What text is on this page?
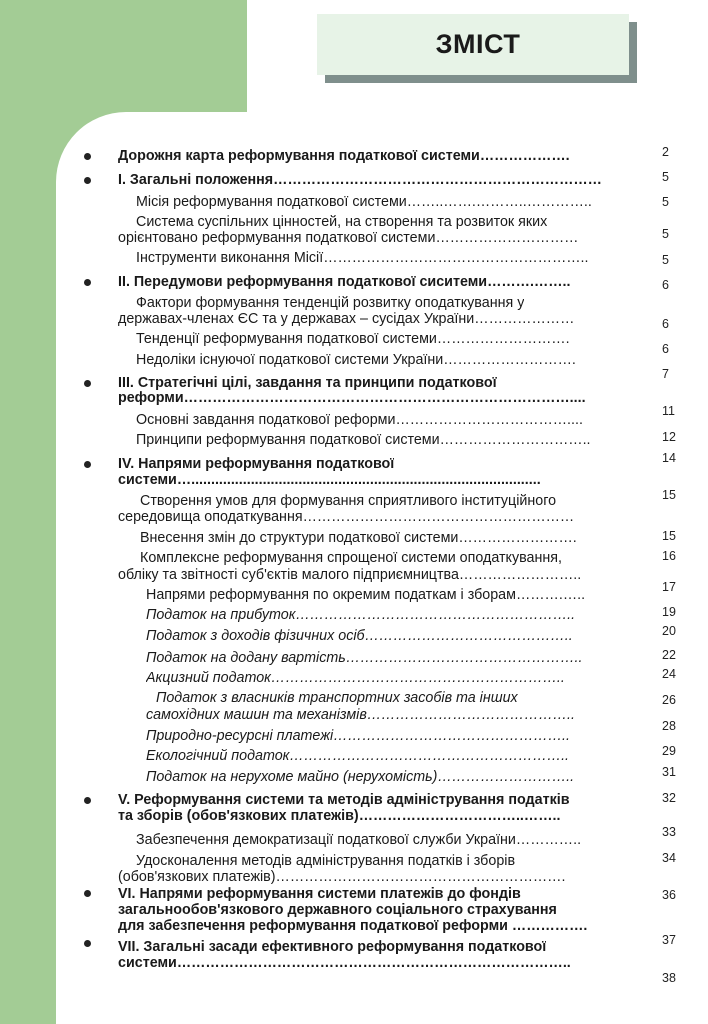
ЗМІСТ
Дорожня карта реформування податкової системи……………….
I. Загальні положення……………………………………………………………
Місія реформування податкової системи……..…….………..…………..
Система суспільних цінностей, на створення та розвиток яких
орієнтовано реформування податкової системи…………………………
Інструменти виконання Місії………………………………………………..
II. Передумови реформування податкової сиситеми……….……..
Фактори формування тенденцій розвитку оподаткування у
державах-членах ЄС та у державах – сусідах України…………………
Тенденції реформування податкової системи……………………….
Недоліки існуючої податкової системи України……………………….
III. Стратегічні цілі, завдання та принципи податкової
реформи………………………………………………………………………....
Основні завдання податкової реформи………………………………....
Принципи реформування податкової системи…………………………..
IV. Напрями реформування податкової
системи…........................................................................................
Створення умов для формування сприятливого інституційного
середовища оподаткування…………………………………………………
Внесення змін до структури податкової системи…………………….
Комплексне реформування спрощеної системи оподаткування,
обліку та звітності суб'єктів малого підприємництва……………………..
Напрями реформування по окремим податкам і зборам……….…..
Податок на прибуток…………………………………………………..
Податок з доходів фізичних осіб……………………………………..
Податок на додану вартість…………………………………………..
Акцизний податок……………………………………………………..
Податок з власників транспортних засобів та інших
самохідних машин та механізмів……………………………………..
Природно-ресурсні платежі…………………………………………..
Екологічний податок…………………………………………………..
Податок на нерухоме майно (нерухомість)………………………..
V. Реформування системи та методів адміністрування податків
та зборів (обов'язкових платежів)……………………………..……..
Забезпечення демократизації податкової служби України…………..
Удосконалення методів адміністрування податків і зборів
(обов'язкових платежів)…………………………………………………….
VI. Напрями реформування системи платежів до фондів
загальнообов'язкового державного соціального страхування
для забезпечення реформування податкової реформи …………….
VII. Загальні засади ефективного реформування податкової
системи………………………………………………………………………..
2
5
5
5
5
6
6
6
7
11
12
14
15
15
16
17
19
20
22
24
26
28
29
31
32
33
34
36
37
38
